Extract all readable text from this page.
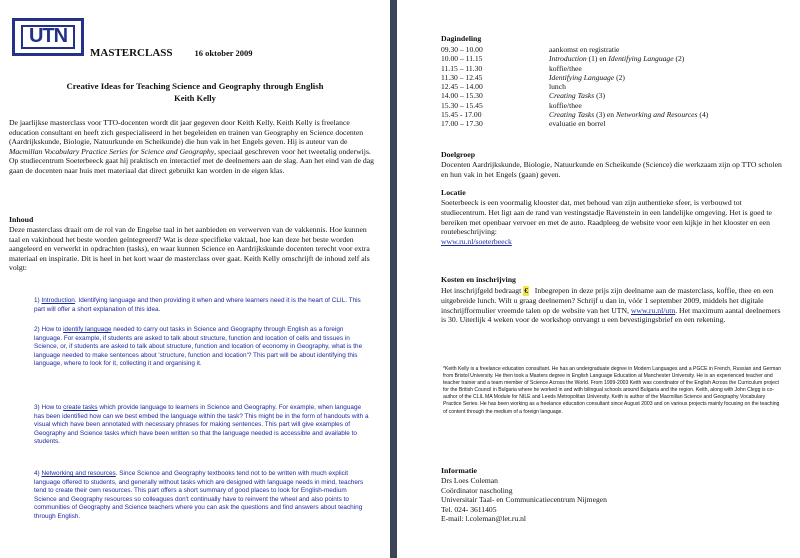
UTN
MASTERCLASS	16 oktober 2009
Creative Ideas for Teaching Science and Geography through English
Keith Kelly

De jaarlijkse masterclass voor TTO-docenten wordt dit jaar gegeven door Keith Kelly. Keith Kelly is freelance education consultant en heeft zich gespecialiseerd in het begeleiden en trainen van Geography en Science docenten (Aardrijkskunde, Biologie, Natuurkunde en Scheikunde) die hun vak in het Engels geven. Hij is auteur van de Macmillan Vocabulary Practice Series for Science and Geography, speciaal geschreven voor het tweetalig onderwijs. Op studiecentrum Soeterbeeck gaat hij praktisch en interactief met de deelnemers aan de slag. Aan het eind van de dag gaan de docenten naar huis met materiaal dat direct gebruikt kan worden in de eigen klas.

Inhoud

Deze masterclass draait om de rol van de Engelse taal in het aanbieden en verwerven van de vakkennis. Hoe kunnen taal en vakinhoud het beste worden geïntegreerd? Wat is deze specifieke vaktaal, hoe kan deze het beste worden aangeleerd en verwerkt in opdrachten (tasks), en waar kunnen Science en Aardrijkskunde docenten terecht voor extra materiaal en inspiratie. Dit is heel in het kort waar de masterclass over gaat. Keith Kelly omschrijft de inhoud zelf als volgt:

1) Introduction. Identifying language and then providing it when and where learners need it is the heart of CLIL. This part will offer a short explanation of this idea.

2) How to identify language needed to carry out tasks in Science and Geography through English as a foreign language. For example, if students are asked to talk about structure, function and location of cells and tissues in Science, or, if students are asked to talk about structure, function and location of economy in Geography, what is the language needed to make sentences about 'structure, function and location'? This part will be about identifying this language, where to look for it, collecting it and organising it.

3) How to create tasks which provide language to learners in Science and Geography. For example, when language has been identified how can we best embed the language within the task? This might be in the form of handouts with a visual which have been annotated with necessary phrases for making sentences. This part will give examples of Geography and Science tasks which have been written so that the language needed is accessible and available to students.

4) Networking and resources. Since Science and Geography textbooks tend not to be written with much explicit language offered to students, and generally without tasks which are designed with language needs in mind, teachers tend to create their own resources. This part offers a short summary of good places to look for English-medium Science and Geography resources so colleagues don't continually have to reinvent the wheel and also points to communities of Geography and Science teachers where you can ask the questions and find answers about teaching through English.

Dagindeling

09.30 – 10.00	aankomst en registratie
10.00 – 11.15	Introduction (1) en Identifying Language (2)
11.15 – 11.30	koffie/thee
11.30 – 12.45	Identifying Language (2)
12.45 – 14.00	lunch
14.00 – 15.30	Creating Tasks (3)
15.30 – 15.45	koffie/thee
15.45 - 17.00	Creating Tasks (3) en Networking and Resources (4)
17.00 – 17.30	evaluatie en borrel

Doelgroep

Docenten Aardrijkskunde, Biologie, Natuurkunde en Scheikunde (Science) die werkzaam zijn op TTO scholen en hun vak in het Engels (gaan) geven.

Locatie

Soeterbeeck is een voormalig klooster dat, met behoud van zijn authentieke sfeer, is verbouwd tot studiecentrum. Het ligt aan de rand van vestingstadje Ravenstein in een landelijke omgeving. Het is goed te bereiken met openbaar vervoer en met de auto. Raadpleeg de website voor een kijkje in het klooster en een routebeschrijving:
www.ru.nl/soeterbeeck

Kosten en inschrijving

Het inschrijfgeld bedraagt € Inbegrepen in deze prijs zijn deelname aan de masterclass, koffie, thee en een uitgebreide lunch. Wilt u graag deelnemen? Schrijf u dan in, vóór 1 september 2009, middels het digitale inschrijfformulier vreemde talen op de website van het UTN, www.ru.nl/utn. Het maximum aantal deelnemers is 30. Uiterlijk 4 weken voor de workshop ontvangt u een bevestigingsbrief en een rekening.

*Keith Kelly is a freelance education consultant. He has an undergraduate degree in Modern Languages and a PGCE in French, Russian and German from Bristol University. He then took a Masters degree in English Language Education at Manchester University. He is an experienced teacher and teacher trainer and a team member of Science Across the World. From 1999-2003 Keith was coordinator of the English Across the Curriculum project for the British Council in Bulgaria where he worked in and with bilingual schools around Bulgaria and the region. Keith, along with John Clegg is co-author of the CLIL MA Module for NILE and Leeds Metropolitan University. Keith is author of the Macmillan Science and Geography Vocabulary Practice Series. He has been working as a freelance education consultant since August 2003 and on various projects mainly focusing on the teaching of content through the medium of a foreign language.

Informatie

Drs Loes Coleman
Coördinator nascholing
Universitair Taal- en Communicatiecentrum Nijmegen
Tel. 024- 3611405
E-mail: l.coleman@let.ru.nl
